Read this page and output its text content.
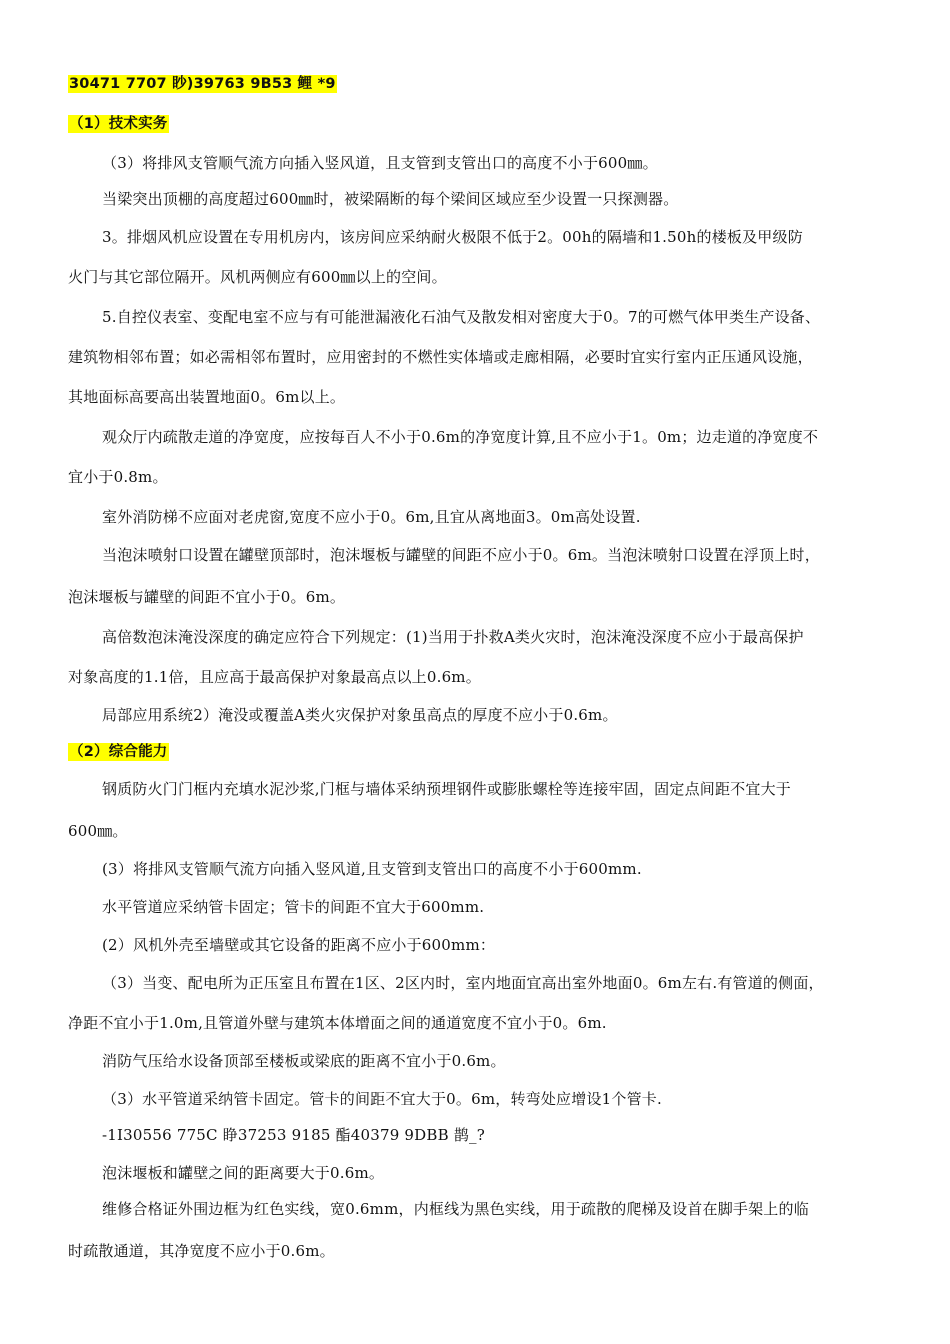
30471 7707 眇)39763 9B53 鲤 *9
（1）技术实务
（3）将排风支管顺气流方向插入竖风道，且支管到支管出口的高度不小于600㎜。
当梁突出顶棚的高度超过600㎜时，被梁隔断的每个梁间区域应至少设置一只探测器。
3。排烟风机应设置在专用机房内，该房间应采纳耐火极限不低于2。00h的隔墙和1.50h的楼板及甲级防
火门与其它部位隔开。风机两侧应有600㎜以上的空间。
5.自控仪表室、变配电室不应与有可能泄漏液化石油气及散发相对密度大于0。7的可燃气体甲类生产设备、
建筑物相邻布置；如必需相邻布置时，应用密封的不燃性实体墙或走廊相隔，必要时宜实行室内正压通风设施，
其地面标高要高出装置地面0。6m以上。
观众厅内疏散走道的净宽度，应按每百人不小于0.6m的净宽度计算,且不应小于1。0m；边走道的净宽度不
宜小于0.8m。
室外消防梯不应面对老虎窗,宽度不应小于0。6m,且宜从离地面3。0m高处设置.
当泡沫喷射口设置在罐壁顶部时，泡沫堰板与罐壁的间距不应小于0。6m。当泡沫喷射口设置在浮顶上时，
泡沫堰板与罐壁的间距不宜小于0。6m。
高倍数泡沫淹没深度的确定应符合下列规定：(1)当用于扑救A类火灾时，泡沫淹没深度不应小于最高保护
对象高度的1.1倍，且应高于最高保护对象最高点以上0.6m。
局部应用系统2）淹没或覆盖A类火灾保护对象虽高点的厚度不应小于0.6m。
（2）综合能力
钢质防火门门框内充填水泥沙浆,门框与墙体采纳预埋钢件或膨胀螺栓等连接牢固，固定点间距不宜大于
600㎜。
(3）将排风支管顺气流方向插入竖风道,且支管到支管出口的高度不小于600mm.
水平管道应采纳管卡固定；管卡的间距不宜大于600mm.
(2）风机外壳至墙壁或其它设备的距离不应小于600mm：
（3）当变、配电所为正压室且布置在1区、2区内时，室内地面宜高出室外地面0。6m左右.有管道的侧面，
净距不宜小于1.0m,且管道外壁与建筑本体增面之间的通道宽度不宜小于0。6m.
消防气压给水设备顶部至楼板或梁底的距离不宜小于0.6m。
（3）水平管道采纳管卡固定。管卡的间距不宜大于0。6m，转弯处应增设1个管卡.
-1I30556 775C 睁37253 9185 酯40379 9DBB 鹊_?
泡沫堰板和罐壁之间的距离要大于0.6m。
维修合格证外围边框为红色实线，宽0.6mm，内框线为黑色实线，用于疏散的爬梯及设首在脚手架上的临
时疏散通道，其净宽度不应小于0.6m。
